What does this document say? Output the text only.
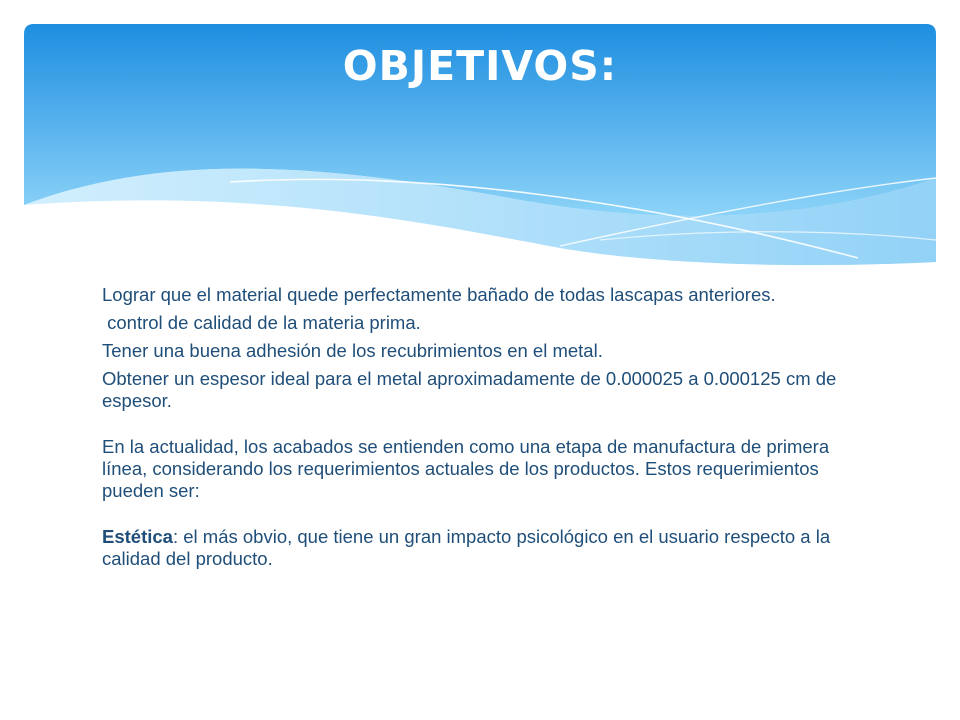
OBJETIVOS:

Lograr que el material quede perfectamente bañado de todas lascapas anteriores.

control de calidad de la materia prima.

Tener una buena adhesión de los recubrimientos en el metal.

Obtener un espesor ideal para el metal aproximadamente de 0.000025 a 0.000125 cm de espesor.

En la actualidad, los acabados se entienden como una etapa de manufactura de primera línea, considerando los requerimientos actuales de los productos. Estos requerimientos pueden ser:

Estética: el más obvio, que tiene un gran impacto psicológico en el usuario respecto a la calidad del producto.
